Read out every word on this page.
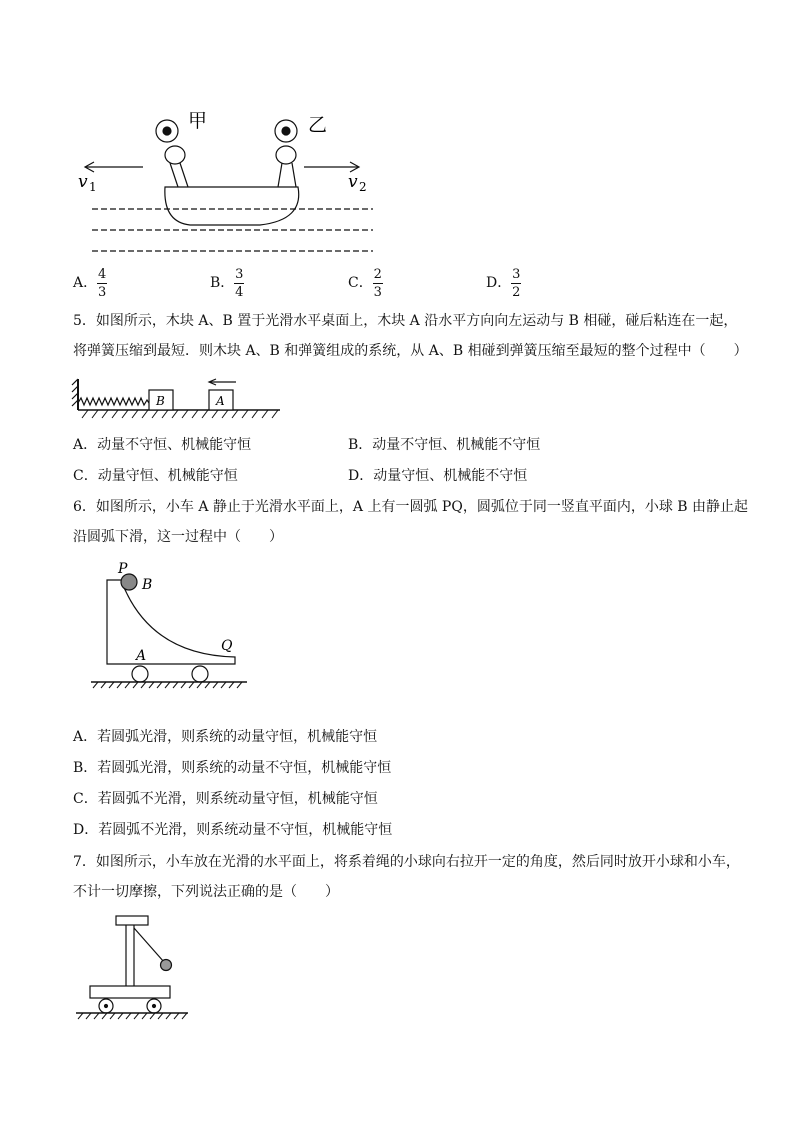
甲	乙
v 1	v 2
A． $\frac{4}{3}$	B． $\frac{3}{4}$	C． $\frac{2}{3}$	D． $\frac{3}{2}$
5．如图所示，木块 A、B 置于光滑水平桌面上，木块 A 沿水平方向向左运动与 B 相碰，碰后粘连在一起，
将弹簧压缩到最短．则木块 A、B 和弹簧组成的系统，从 A、B 相碰到弹簧压缩至最短的整个过程中（　　）
B	A
A．动量不守恒、机械能守恒	B．动量不守恒、机械能不守恒
C．动量守恒、机械能守恒	D．动量守恒、机械能不守恒
6．如图所示，小车 A 静止于光滑水平面上，A 上有一圆弧 PQ，圆弧位于同一竖直平面内，小球 B 由静止起
沿圆弧下滑，这一过程中（　　）
P
B
Q
A
A．若圆弧光滑，则系统的动量守恒，机械能守恒
B．若圆弧光滑，则系统的动量不守恒，机械能守恒
C．若圆弧不光滑，则系统动量守恒，机械能守恒
D．若圆弧不光滑，则系统动量不守恒，机械能守恒
7．如图所示，小车放在光滑的水平面上，将系着绳的小球向右拉开一定的角度，然后同时放开小球和小车，
不计一切摩擦，下列说法正确的是（　　）
